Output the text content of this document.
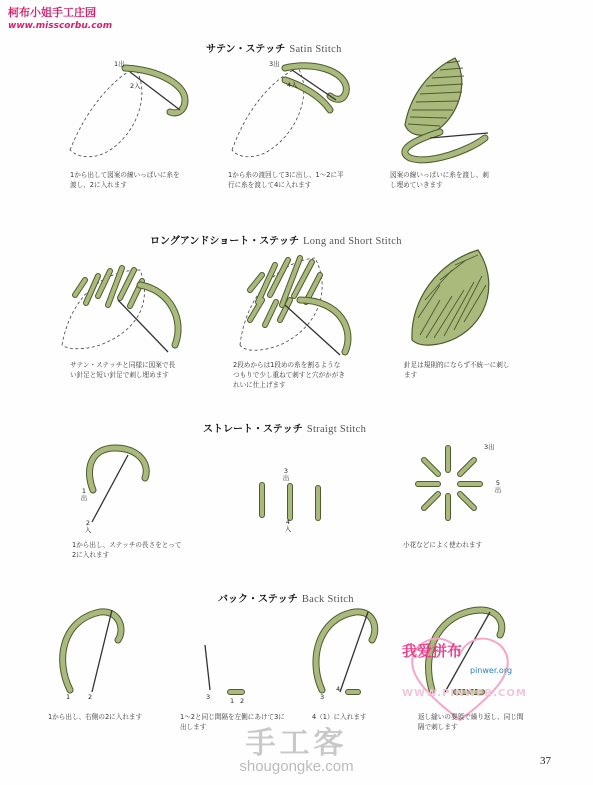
柯布小姐手工庄园
www.misscorbu.com
サテン・ステッチ Satin Stitch
ロングアンドショート・ステッチ Long and Short Stitch
ストレート・ステッチ Straigt Stitch
バック・ステッチ Back Stitch
1出
2入
3出
4入
1出
2入
3出
4入
3出
5出
1	2	3	1 2	3
4
1から出して図案の線いっぱいに糸を渡し、2に入れます
1から糸の渡回して3に出し、1〜2に平行に糸を渡して4に入れます
図案の線いっぱいに糸を渡し、刺し埋めていきます
サテン・ステッチと同様に図案で長い針足と短い針足で刺し埋めます
2段めからは1段めの糸を割るようなつもりで少し重ねて刺すと穴がかがきれいに仕上げます
針足は規則的にならず不統一に刺します
1から出し、ステッチの長さをとって2に入れます
小花などによく使われます
1から出し、右側の2に入れます	1〜2と同じ間隔を左側にあけて3に出します
4（1）に入れます	返し縫いの要領で繰り返し、同じ間隔で刺します
我爱拼布
pinwer.org
WWW.PINWER.COM
手工客
shougongke.com	37
